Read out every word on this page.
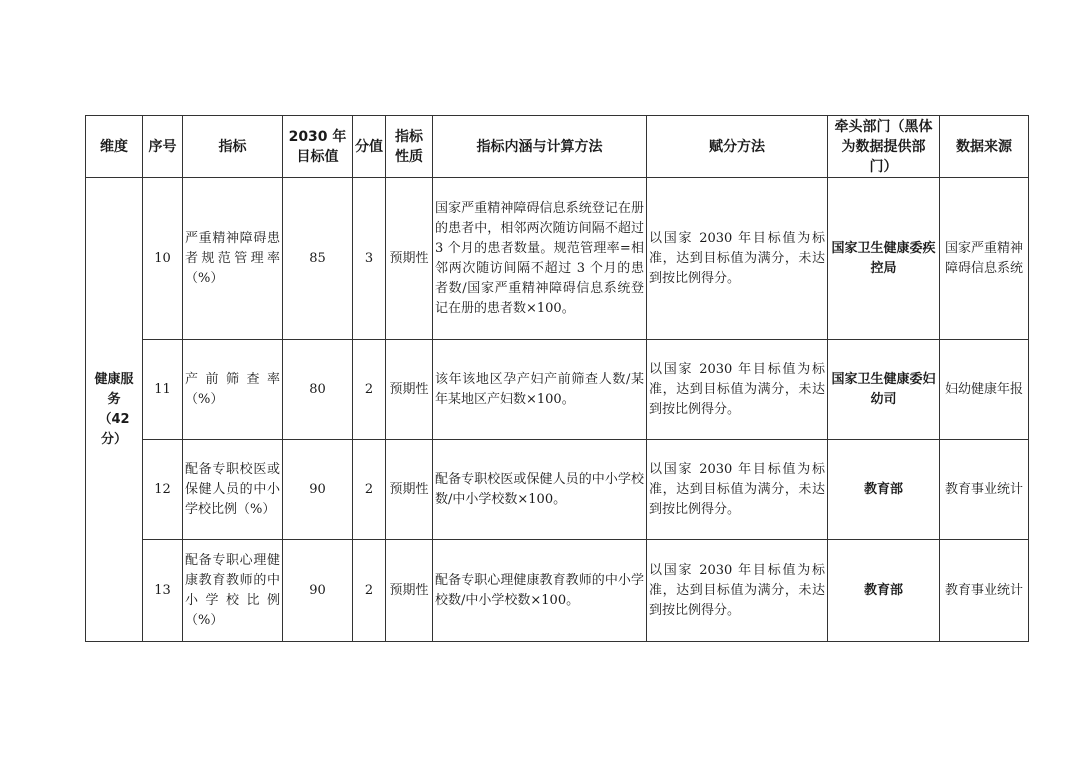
维度	序号	指标	2030 年目标值	分值	指标性质	指标内涵与计算方法	赋分方法	牵头部门（黑体为数据提供部门）	数据来源
健康服务（42分）	10	严重精神障碍患者规范管理率（%）	85	3	预期性	国家严重精神障碍信息系统登记在册的患者中，相邻两次随访间隔不超过 3 个月的患者数量。规范管理率=相邻两次随访间隔不超过 3 个月的患者数/国家严重精神障碍信息系统登记在册的患者数×100。	以国家 2030 年目标值为标准，达到目标值为满分，未达到按比例得分。	国家卫生健康委疾控局	国家严重精神障碍信息系统
	11	产前筛查率（%）	80	2	预期性	该年该地区孕产妇产前筛查人数/某年某地区产妇数×100。	以国家 2030 年目标值为标准，达到目标值为满分，未达到按比例得分。	国家卫生健康委妇幼司	妇幼健康年报
	12	配备专职校医或保健人员的中小学校比例（%）	90	2	预期性	配备专职校医或保健人员的中小学校数/中小学校数×100。	以国家 2030 年目标值为标准，达到目标值为满分，未达到按比例得分。	教育部	教育事业统计
	13	配备专职心理健康教育教师的中小学校比例（%）	90	2	预期性	配备专职心理健康教育教师的中小学校数/中小学校数×100。	以国家 2030 年目标值为标准，达到目标值为满分，未达到按比例得分。	教育部	教育事业统计
